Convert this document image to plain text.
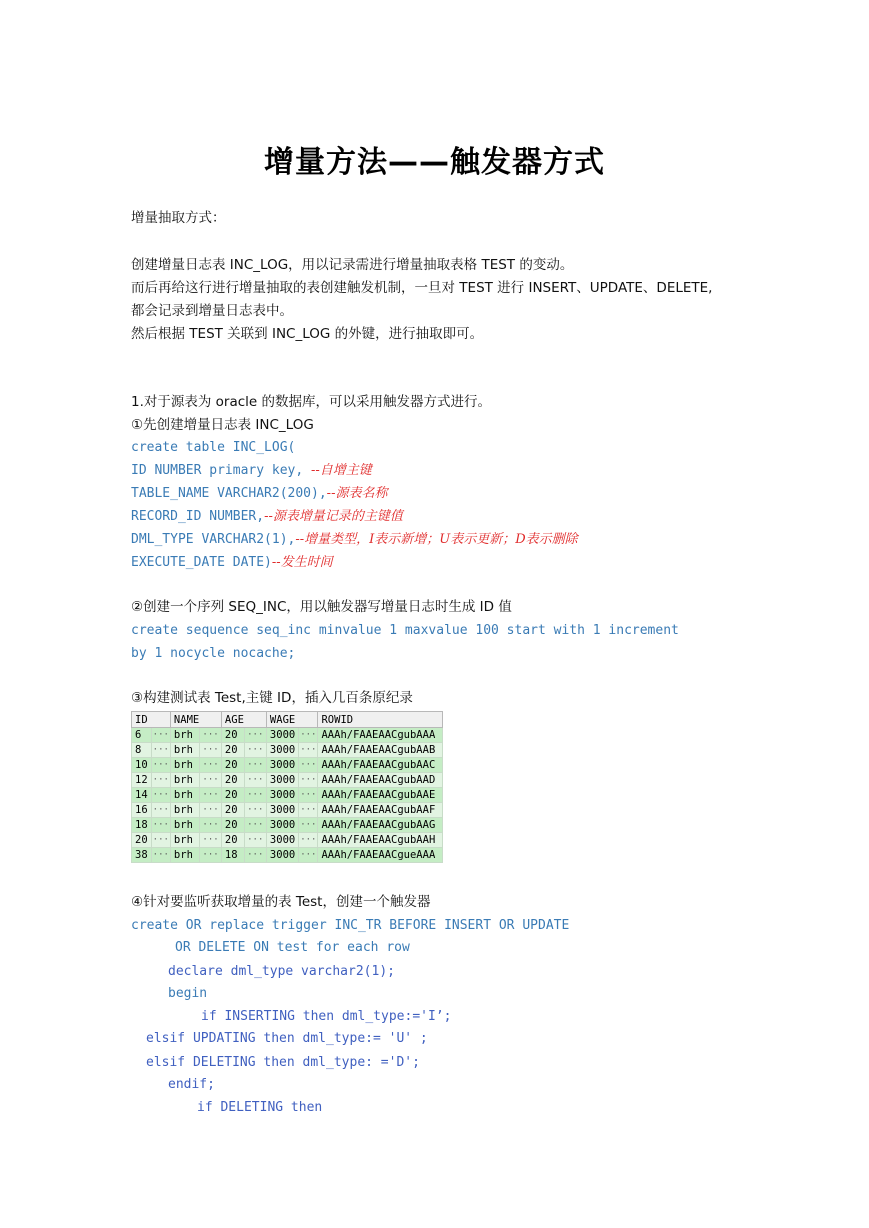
增量方法——触发器方式
增量抽取方式：
创建增量日志表 INC_LOG，用以记录需进行增量抽取表格 TEST 的变动。
而后再给这行进行增量抽取的表创建触发机制，一旦对 TEST 进行 INSERT、UPDATE、DELETE,
都会记录到增量日志表中。
然后根据 TEST 关联到 INC_LOG 的外键，进行抽取即可。
1.对于源表为 oracle 的数据库，可以采用触发器方式进行。
①先创建增量日志表 INC_LOG
create table INC_LOG(
ID NUMBER primary key, --自增主键
TABLE_NAME VARCHAR2(200),--源表名称
RECORD_ID NUMBER,--源表增量记录的主键值
DML_TYPE VARCHAR2(1),--增量类型，I表示新增；U表示更新；D表示删除
EXECUTE_DATE DATE)--发生时间
②创建一个序列 SEQ_INC，用以触发器写增量日志时生成 ID 值
create sequence seq_inc minvalue 1 maxvalue 100 start with 1 increment
by 1 nocycle nocache;
③构建测试表 Test,主键 ID，插入几百条原纪录
ID		NAME		AGE		WAGE		ROWID
6	···	brh	···	20	···	3000	···	AAAh/FAAEAACgubAAA
8	···	brh	···	20	···	3000	···	AAAh/FAAEAACgubAAB
10	···	brh	···	20	···	3000	···	AAAh/FAAEAACgubAAC
12	···	brh	···	20	···	3000	···	AAAh/FAAEAACgubAAD
14	···	brh	···	20	···	3000	···	AAAh/FAAEAACgubAAE
16	···	brh	···	20	···	3000	···	AAAh/FAAEAACgubAAF
18	···	brh	···	20	···	3000	···	AAAh/FAAEAACgubAAG
20	···	brh	···	20	···	3000	···	AAAh/FAAEAACgubAAH
38	···	brh	···	18	···	3000	···	AAAh/FAAEAACgueAAA
④针对要监听获取增量的表 Test，创建一个触发器
create OR replace trigger INC_TR BEFORE INSERT OR UPDATE
OR DELETE ON test for each row
declare dml_type varchar2(1);
begin
if INSERTING then dml_type:='I’;
elsif UPDATING then dml_type:= 'U' ;
elsif DELETING then dml_type: ='D';
endif;
if DELETING then
